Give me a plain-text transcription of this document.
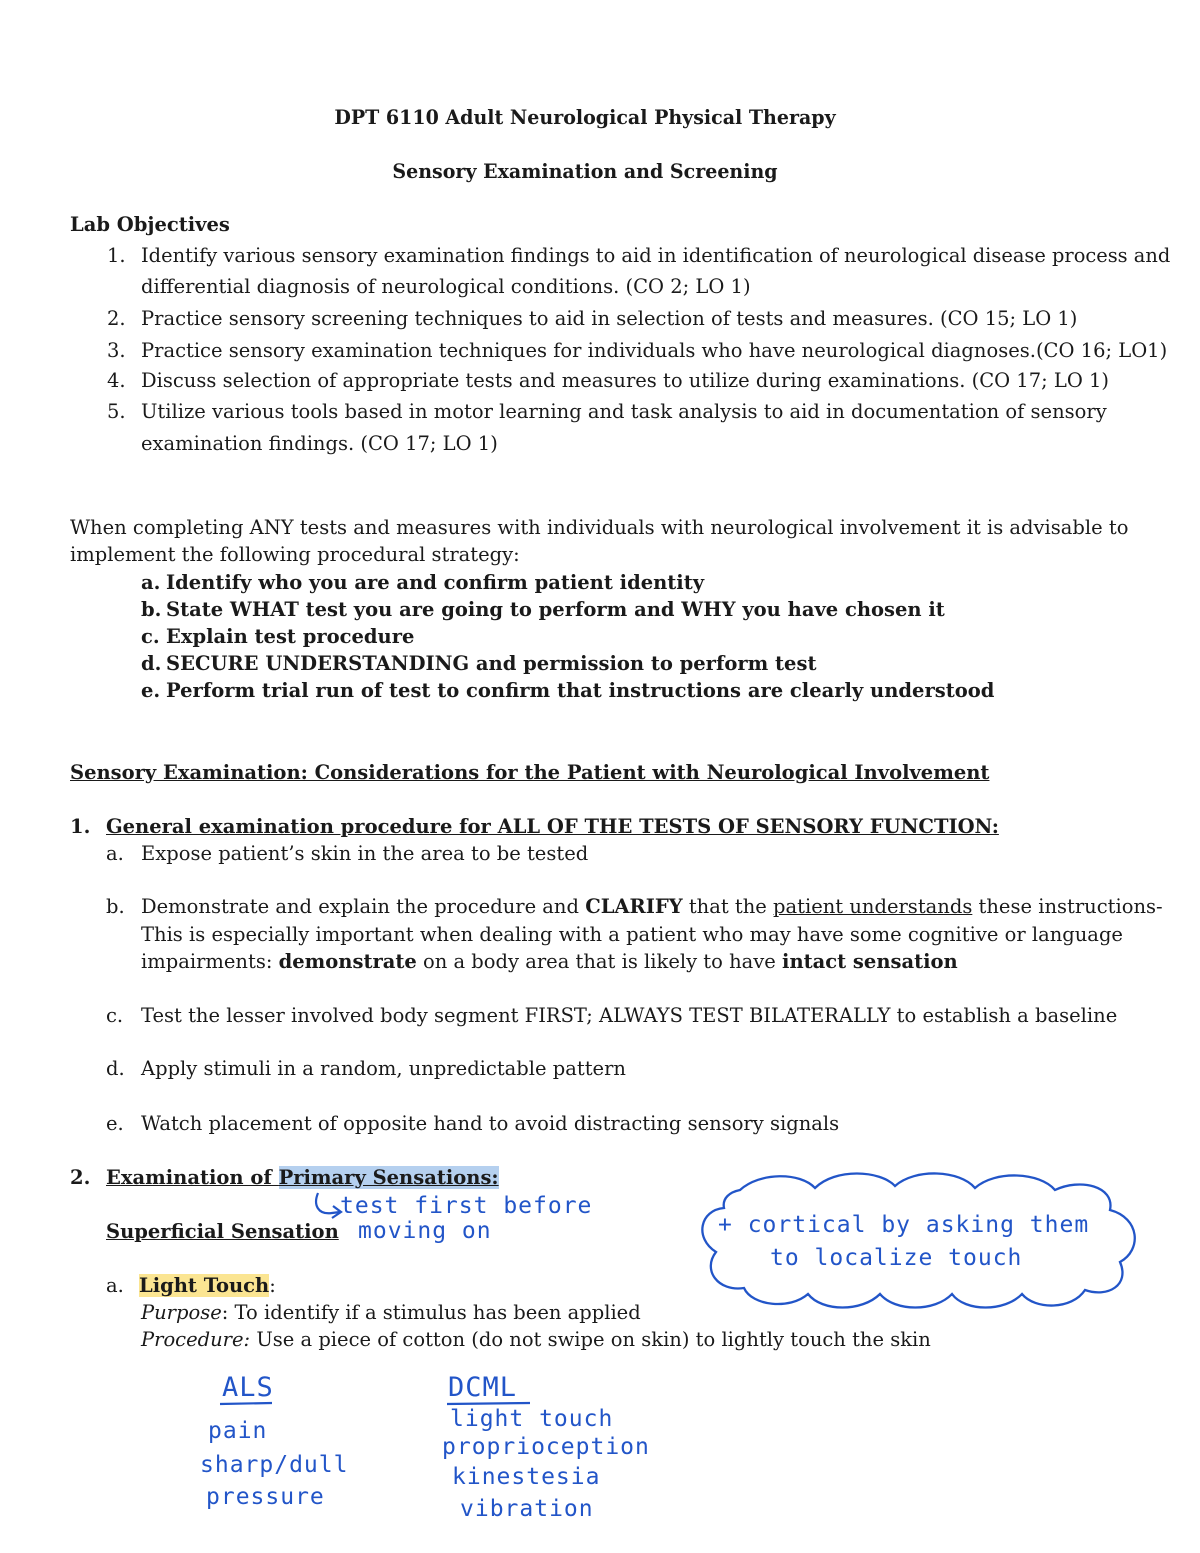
DPT 6110 Adult Neurological Physical Therapy
Sensory Examination and Screening
Lab Objectives
1. Identify various sensory examination findings to aid in identification of neurological disease process and
differential diagnosis of neurological conditions. (CO 2; LO 1)
2. Practice sensory screening techniques to aid in selection of tests and measures. (CO 15; LO 1)
3. Practice sensory examination techniques for individuals who have neurological diagnoses.(CO 16; LO1)
4. Discuss selection of appropriate tests and measures to utilize during examinations. (CO 17; LO 1)
5. Utilize various tools based in motor learning and task analysis to aid in documentation of sensory
examination findings. (CO 17; LO 1)
When completing ANY tests and measures with individuals with neurological involvement it is advisable to
implement the following procedural strategy:
a. Identify who you are and confirm patient identity
b. State WHAT test you are going to perform and WHY you have chosen it
c. Explain test procedure
d. SECURE UNDERSTANDING and permission to perform test
e. Perform trial run of test to confirm that instructions are clearly understood
Sensory Examination: Considerations for the Patient with Neurological Involvement
1. General examination procedure for ALL OF THE TESTS OF SENSORY FUNCTION:
a. Expose patient’s skin in the area to be tested
b. Demonstrate and explain the procedure and CLARIFY that the patient understands these instructions-
This is especially important when dealing with a patient who may have some cognitive or language
impairments: demonstrate on a body area that is likely to have intact sensation
c. Test the lesser involved body segment FIRST; ALWAYS TEST BILATERALLY to establish a baseline
d. Apply stimuli in a random, unpredictable pattern
e. Watch placement of opposite hand to avoid distracting sensory signals
2. Examination of Primary Sensations:
Superficial Sensation
a. Light Touch:
Purpose: To identify if a stimulus has been applied
Procedure: Use a piece of cotton (do not swipe on skin) to lightly touch the skin
test first before
moving on	+ cortical by asking them
to localize touch
ALS
pain
sharp/dull
pressure
DCML
light touch
proprioception
kinestesia
vibration
